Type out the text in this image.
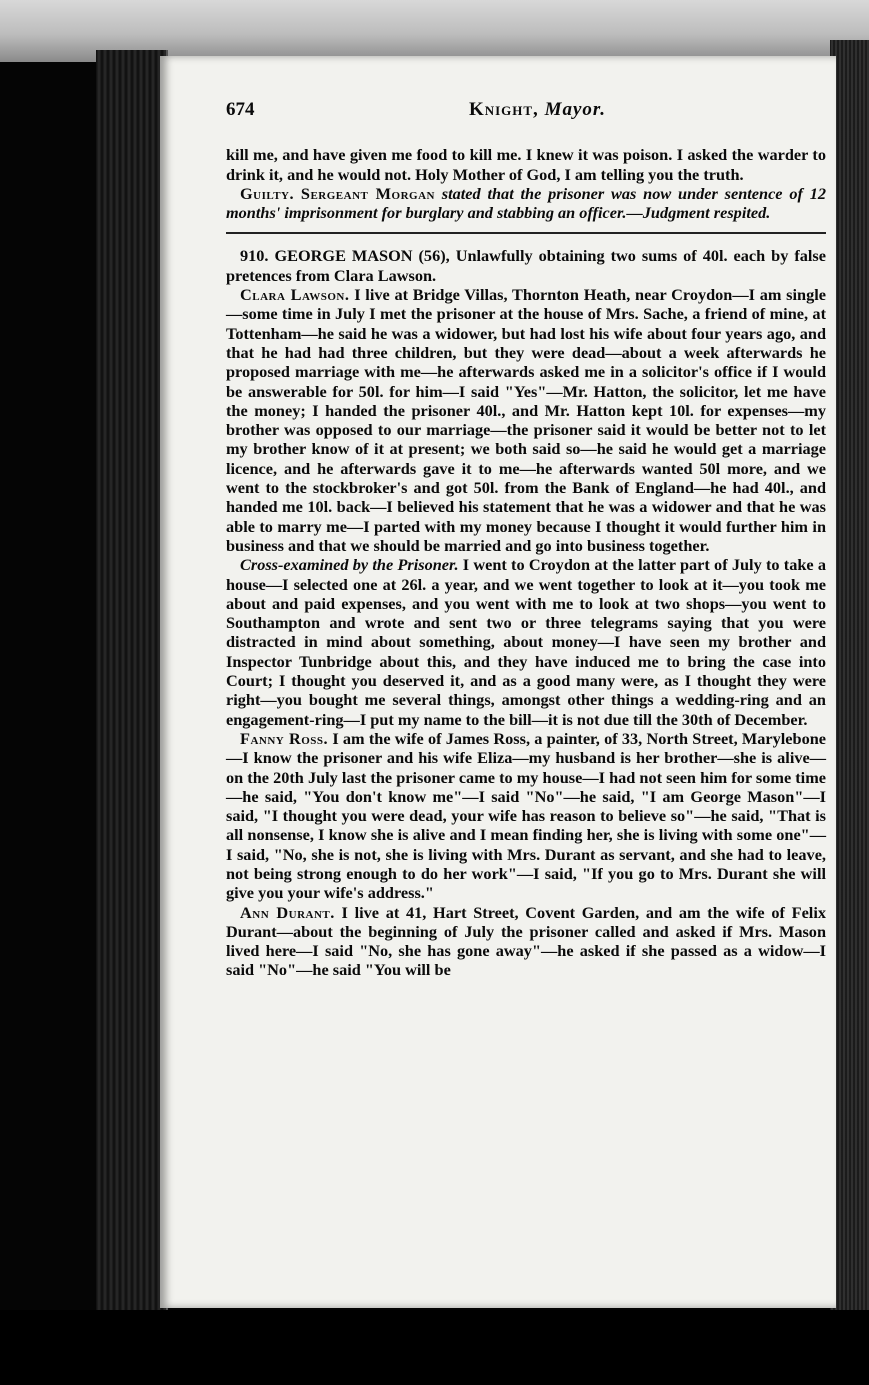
674	Knight, Mayor.

kill me, and have given me food to kill me. I knew it was poison. I asked the warder to drink it, and he would not. Holy Mother of God, I am telling you the truth.

Guilty. Sergeant Morgan stated that the prisoner was now under sentence of 12 months' imprisonment for burglary and stabbing an officer.—Judgment respited.

910. GEORGE MASON (56), Unlawfully obtaining two sums of 40l. each by false pretences from Clara Lawson.

Clara Lawson. I live at Bridge Villas, Thornton Heath, near Croydon—I am single—some time in July I met the prisoner at the house of Mrs. Sache, a friend of mine, at Tottenham—he said he was a widower, but had lost his wife about four years ago, and that he had had three children, but they were dead—about a week afterwards he proposed marriage with me—he afterwards asked me in a solicitor's office if I would be answerable for 50l. for him—I said "Yes"—Mr. Hatton, the solicitor, let me have the money; I handed the prisoner 40l., and Mr. Hatton kept 10l. for expenses—my brother was opposed to our marriage—the prisoner said it would be better not to let my brother know of it at present; we both said so—he said he would get a marriage licence, and he afterwards gave it to me—he afterwards wanted 50l more, and we went to the stockbroker's and got 50l. from the Bank of England—he had 40l., and handed me 10l. back—I believed his statement that he was a widower and that he was able to marry me—I parted with my money because I thought it would further him in business and that we should be married and go into business together.

Cross-examined by the Prisoner. I went to Croydon at the latter part of July to take a house—I selected one at 26l. a year, and we went together to look at it—you took me about and paid expenses, and you went with me to look at two shops—you went to Southampton and wrote and sent two or three telegrams saying that you were distracted in mind about something, about money—I have seen my brother and Inspector Tunbridge about this, and they have induced me to bring the case into Court; I thought you deserved it, and as a good many were, as I thought they were right—you bought me several things, amongst other things a wedding-ring and an engagement-ring—I put my name to the bill—it is not due till the 30th of December.

Fanny Ross. I am the wife of James Ross, a painter, of 33, North Street, Marylebone—I know the prisoner and his wife Eliza—my husband is her brother—she is alive—on the 20th July last the prisoner came to my house—I had not seen him for some time—he said, "You don't know me"—I said "No"—he said, "I am George Mason"—I said, "I thought you were dead, your wife has reason to believe so"—he said, "That is all nonsense, I know she is alive and I mean finding her, she is living with some one"—I said, "No, she is not, she is living with Mrs. Durant as servant, and she had to leave, not being strong enough to do her work"—I said, "If you go to Mrs. Durant she will give you your wife's address."

Ann Durant. I live at 41, Hart Street, Covent Garden, and am the wife of Felix Durant—about the beginning of July the prisoner called and asked if Mrs. Mason lived here—I said "No, she has gone away"—he asked if she passed as a widow—I said "No"—he said "You will be
